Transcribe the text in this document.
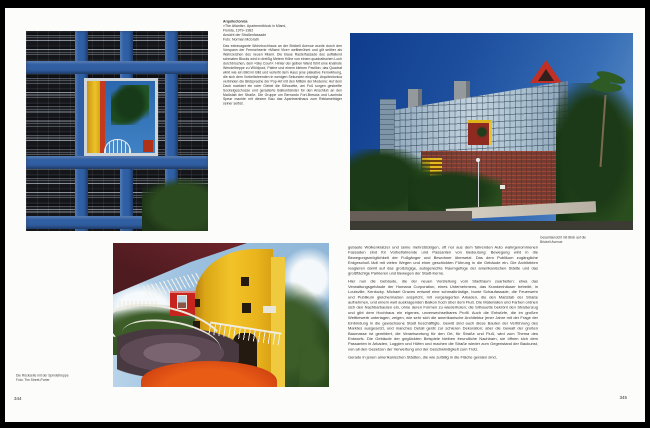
Arquitectonica
»The Atlantis«, Apartmentblock in Miami,
Florida, 1979–1982
Ansicht der Straßenfassade
Foto: Norman McGrath
Das extravagante Wohnhochhaus an der Brickell Avenue wurde durch den Vorspann der Fernsehserie »Miami Vice« weltberühmt und gilt seither als Wahrzeichen des neuen Miami. Die blaue Rasterfassade des auffallend schmalen Blocks wird in dreißig Metern Höhe von einem quadratischen Loch durchbrochen, dem »Sky Court«. Hinter der gelben Wand führt eine knallrote Wendeltreppe zu Whirlpool, Palme und einem kleinen Pavillon; das Quadrat wirkt wie ein Bild im Bild und verleiht dem Haus jene plakative Fernwirkung, die sich dem Vorbeifahrenden in wenigen Sekunden einprägt. Arquitectonica verbinden die Bildsprache der Pop-Art mit den Mitteln der Moderne: Auf dem Dach markiert ein roter Giebel die Silhouette, am Fuß sorgen gestreifte Sockelgeschosse und gerasterte Balkonbänder für den Anschluß an den Maßstab der Straße. Die Gruppe um Bernardo Fort-Brescia und Laurinda Spear machte mit diesem Bau das Apartmenthaus zum Reklameträger seiner selbst.
Die Rückseite mit der Spindeltreppe
Foto: Tim Street-Porter
344
Gesamtansicht mit Blick auf die
Brickell Avenue

gebaute Wolkenkratzer und seine mehrstöckigen, oft nur aus dem fahrenden Auto wahrgenommenen Fassaden sind für Vorbeifahrende und Passanten von Bedeutung: Bewegung wird in die Bewegungsmöglichkeit der Fußgänger und Bewohner übersetzt. Das dem Publikum zugängliche Erdgeschoß lädt mit vielen Wegen und einer geschickten Führung in die Gebäude ein. Die Architekten reagieren damit auf das großzügige, autogerechte Raumgefüge der amerikanischen Städte und das großflächige Parkieren und Bewegen der Stadt-Kerne.

Hier nun die Gebäude, die der neuen Vorstellung vom Stadtraum zuarbeiten: etwa das Verwaltungsgebäude der Humana Corporation, eines Unternehmens, das Krankenhäuser betreibt, in Louisville, Kentucky. Michael Graves entwarf eine schmalbrüstige, bunte Schaufassade, die Feuerwehr und Publikum gleichermaßen anspricht, mit vorgelagerten Arkaden, die den Maßstab der Straße aufnehmen, und einem weit auskragenden Balkon hoch über dem Fluß. Die Materialien und Farben ordnen sich den Nachbarbauten ein, ohne deren Formen zu wiederholen; die Silhouette bekrönt den Straßenzug und gibt dem Hochhaus ein eigenes, unverwechselbares Profil. Auch die Entwürfe, die im großen Wettbewerb unterlagen, zeigen, wie sehr sich die amerikanische Architektur jener Jahre mit der Frage der Einbindung in die gewachsene Stadt beschäftigte. Gewiß sind auch diese Bauten der Verführung des Marktes ausgesetzt, und manches Detail gerät zur schieren Dekoration; aber die Gewalt der großen Baumasse ist gemildert, die Verantwortung für den Ort, für Straße und Fluß, wird zum Thema des Entwurfs. Die Gebäude der geglückten Beispiele bleiben freundliche Nachbarn, sie öffnen sich dem Passanten in Arkaden, Loggien und Höfen und machen die Straße wieder zum Gegenstand der Baukunst, von all den Gesetzen der Verwertung und der Geschwindigkeit zum Trotz.

Gerade in jenen amerikanischen Städten, die wie zufällig in die Fläche geraten sind,

345
